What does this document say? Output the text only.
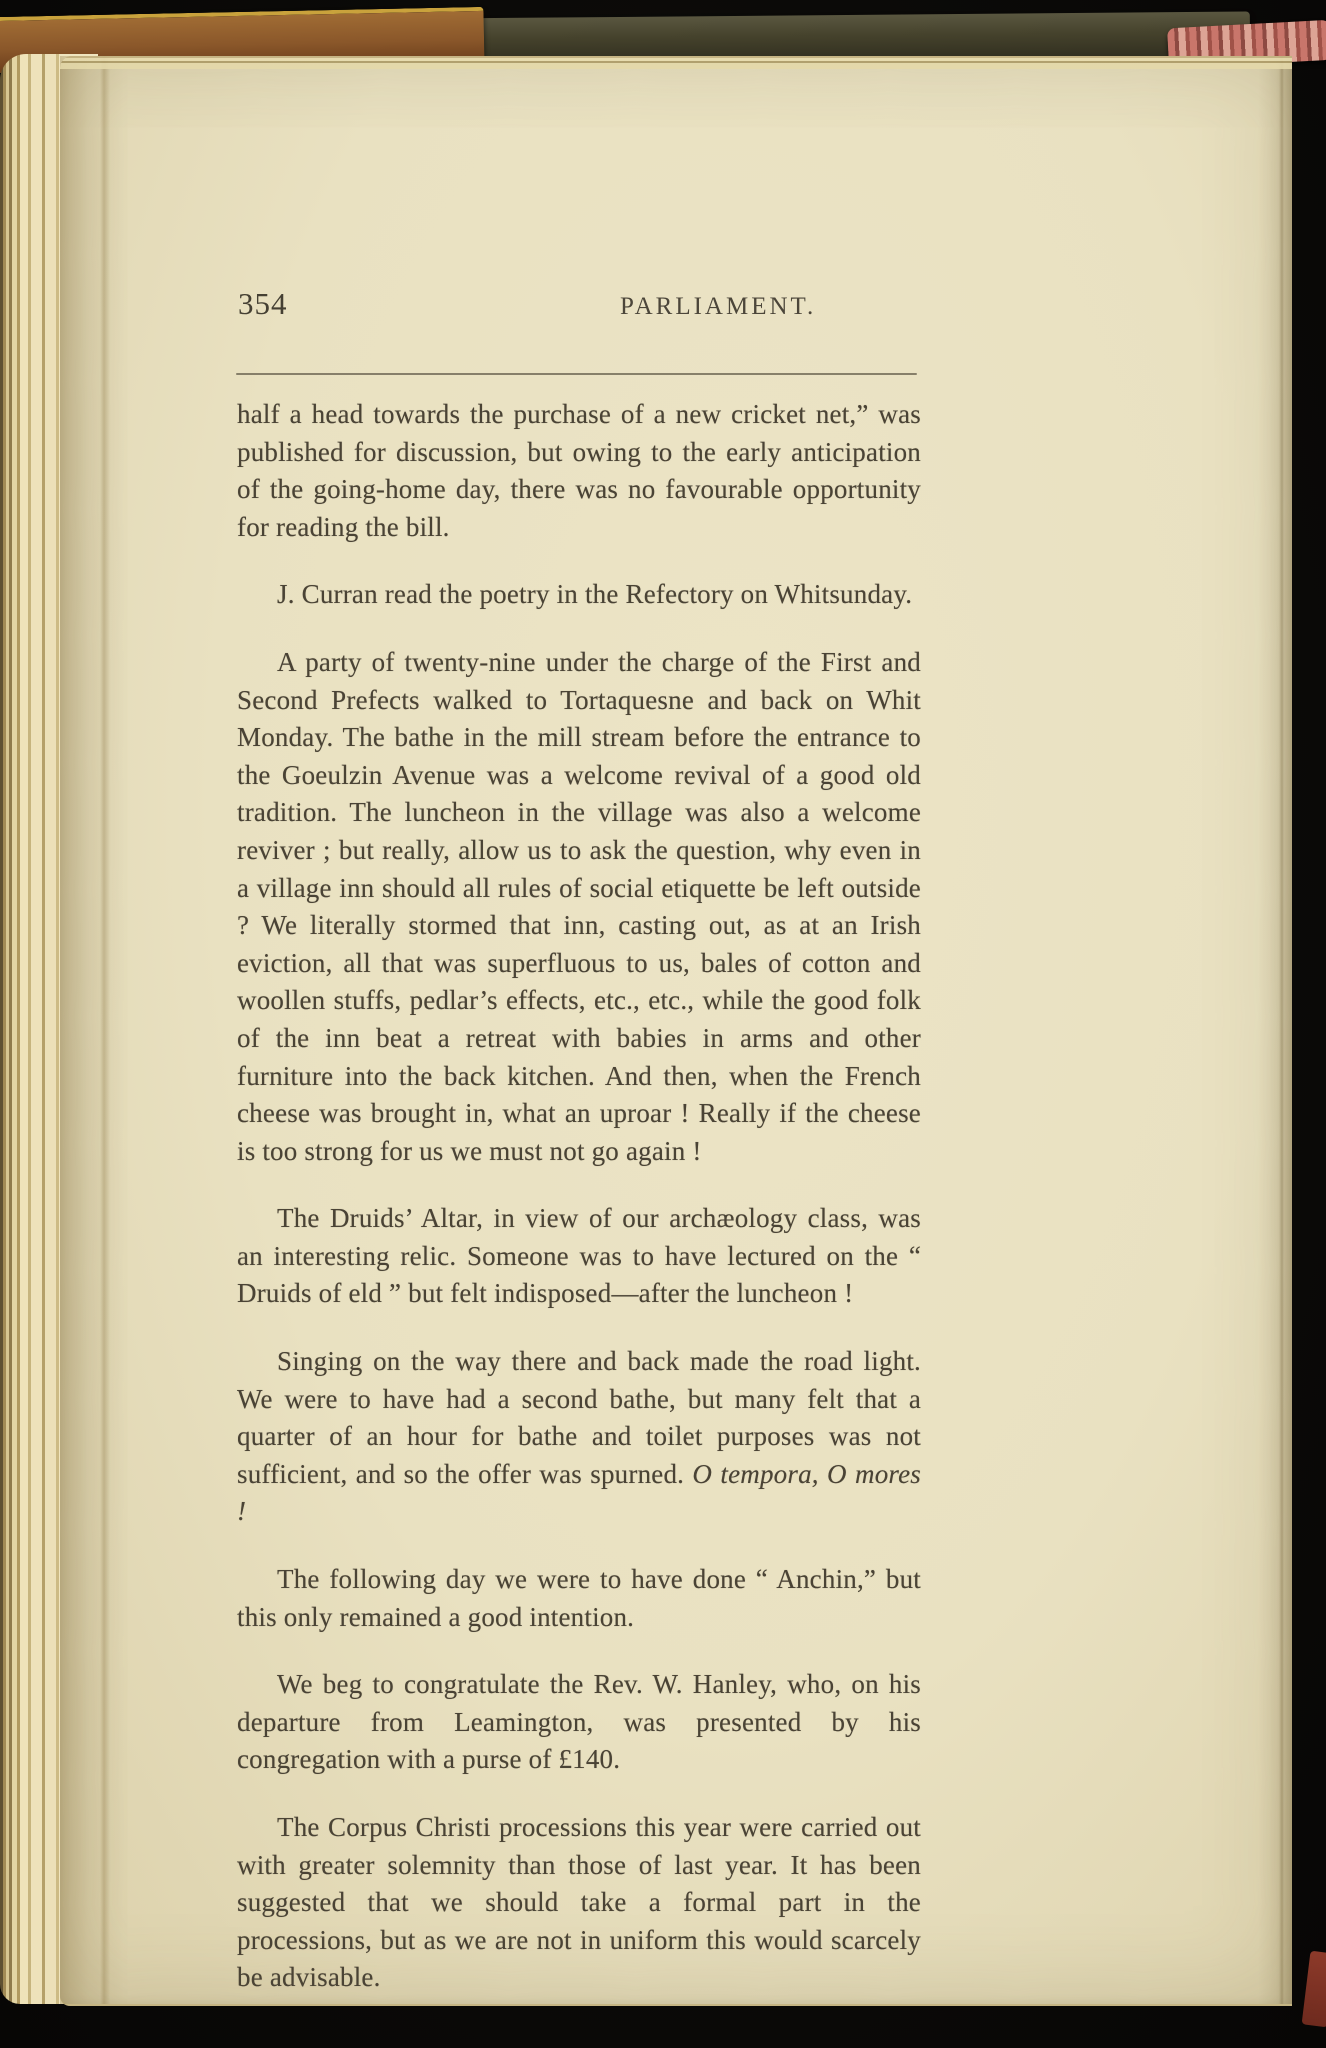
354	PARLIAMENT.

half a head towards the purchase of a new cricket net,” was published for discussion, but owing to the early anticipation of the going-home day, there was no favourable opportunity for reading the bill.

J. Curran read the poetry in the Refectory on Whitsunday.

A party of twenty-nine under the charge of the First and Second Prefects walked to Tortaquesne and back on Whit Monday. The bathe in the mill stream before the entrance to the Goeulzin Avenue was a welcome revival of a good old tradition. The luncheon in the village was also a welcome reviver ; but really, allow us to ask the question, why even in a village inn should all rules of social etiquette be left outside ? We literally stormed that inn, casting out, as at an Irish eviction, all that was superfluous to us, bales of cotton and woollen stuffs, pedlar’s effects, etc., etc., while the good folk of the inn beat a retreat with babies in arms and other furniture into the back kitchen. And then, when the French cheese was brought in, what an uproar ! Really if the cheese is too strong for us we must not go again !

The Druids’ Altar, in view of our archæology class, was an interesting relic. Someone was to have lectured on the “ Druids of eld ” but felt indisposed—after the luncheon !

Singing on the way there and back made the road light. We were to have had a second bathe, but many felt that a quarter of an hour for bathe and toilet purposes was not sufficient, and so the offer was spurned. O tempora, O mores !

The following day we were to have done “ Anchin,” but this only remained a good intention.

We beg to congratulate the Rev. W. Hanley, who, on his departure from Leamington, was presented by his congregation with a purse of £140.

The Corpus Christi processions this year were carried out with greater solemnity than those of last year. It has been suggested that we should take a formal part in the processions, but as we are not in uniform this would scarcely be advisable.
